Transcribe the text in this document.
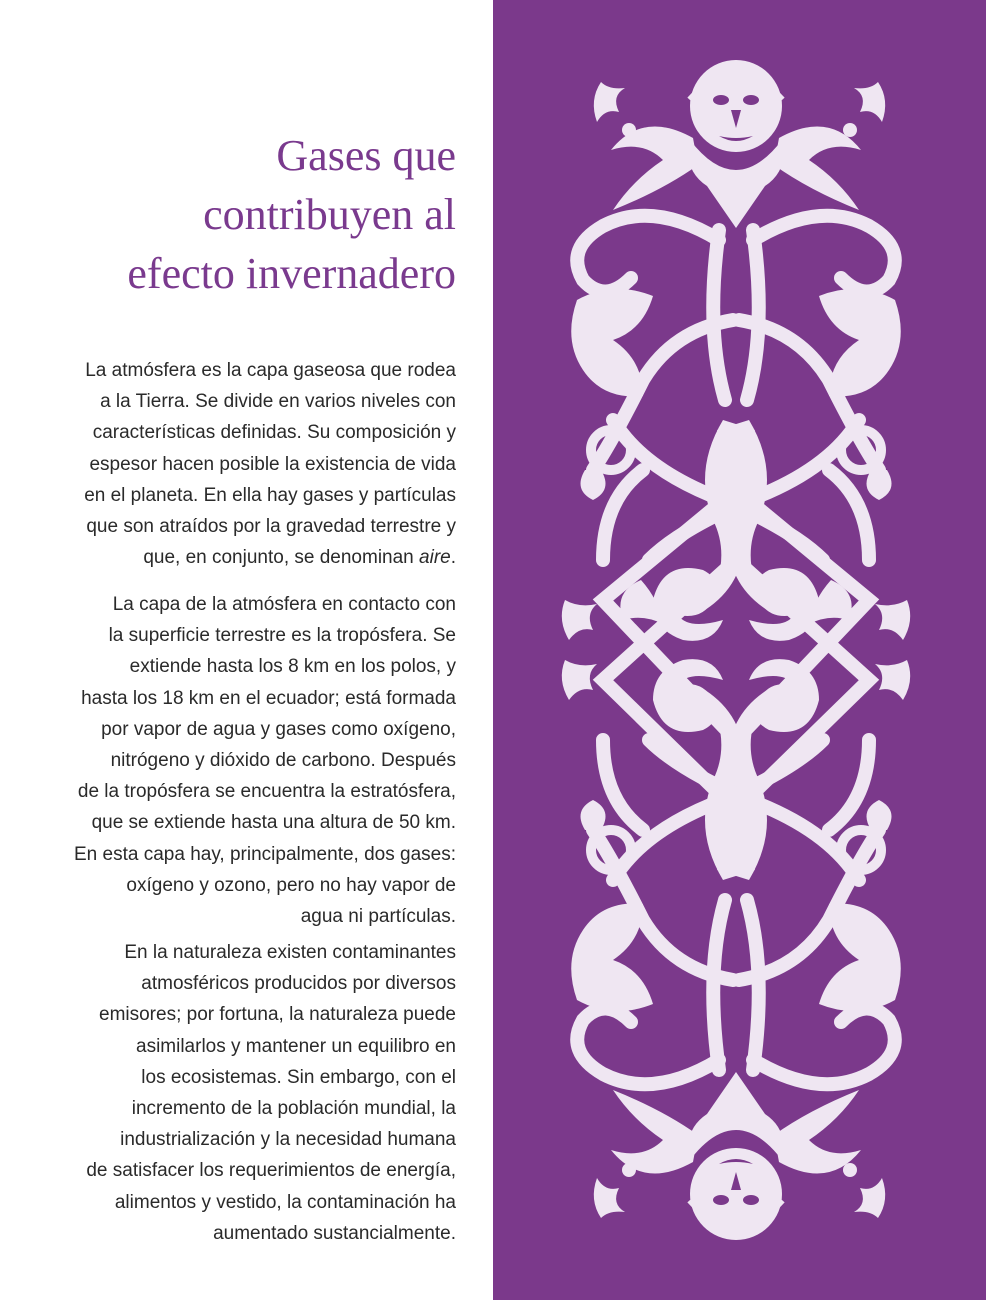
Gases que
contribuyen al
efecto invernadero

La atmósfera es la capa gaseosa que rodea
a la Tierra. Se divide en varios niveles con
características definidas. Su composición y
espesor hacen posible la existencia de vida
en el planeta. En ella hay gases y partículas
que son atraídos por la gravedad terrestre y
que, en conjunto, se denominan aire.

La capa de la atmósfera en contacto con
la superficie terrestre es la tropósfera. Se
extiende hasta los 8 km en los polos, y
hasta los 18 km en el ecuador; está formada
por vapor de agua y gases como oxígeno,
nitrógeno y dióxido de carbono. Después
de la tropósfera se encuentra la estratósfera,
que se extiende hasta una altura de 50 km.
En esta capa hay, principalmente, dos gases:
oxígeno y ozono, pero no hay vapor de
agua ni partículas.

En la naturaleza existen contaminantes
atmosféricos producidos por diversos
emisores; por fortuna, la naturaleza puede
asimilarlos y mantener un equilibro en
los ecosistemas. Sin embargo, con el
incremento de la población mundial, la
industrialización y la necesidad humana
de satisfacer los requerimientos de energía,
alimentos y vestido, la contaminación ha
aumentado sustancialmente.
